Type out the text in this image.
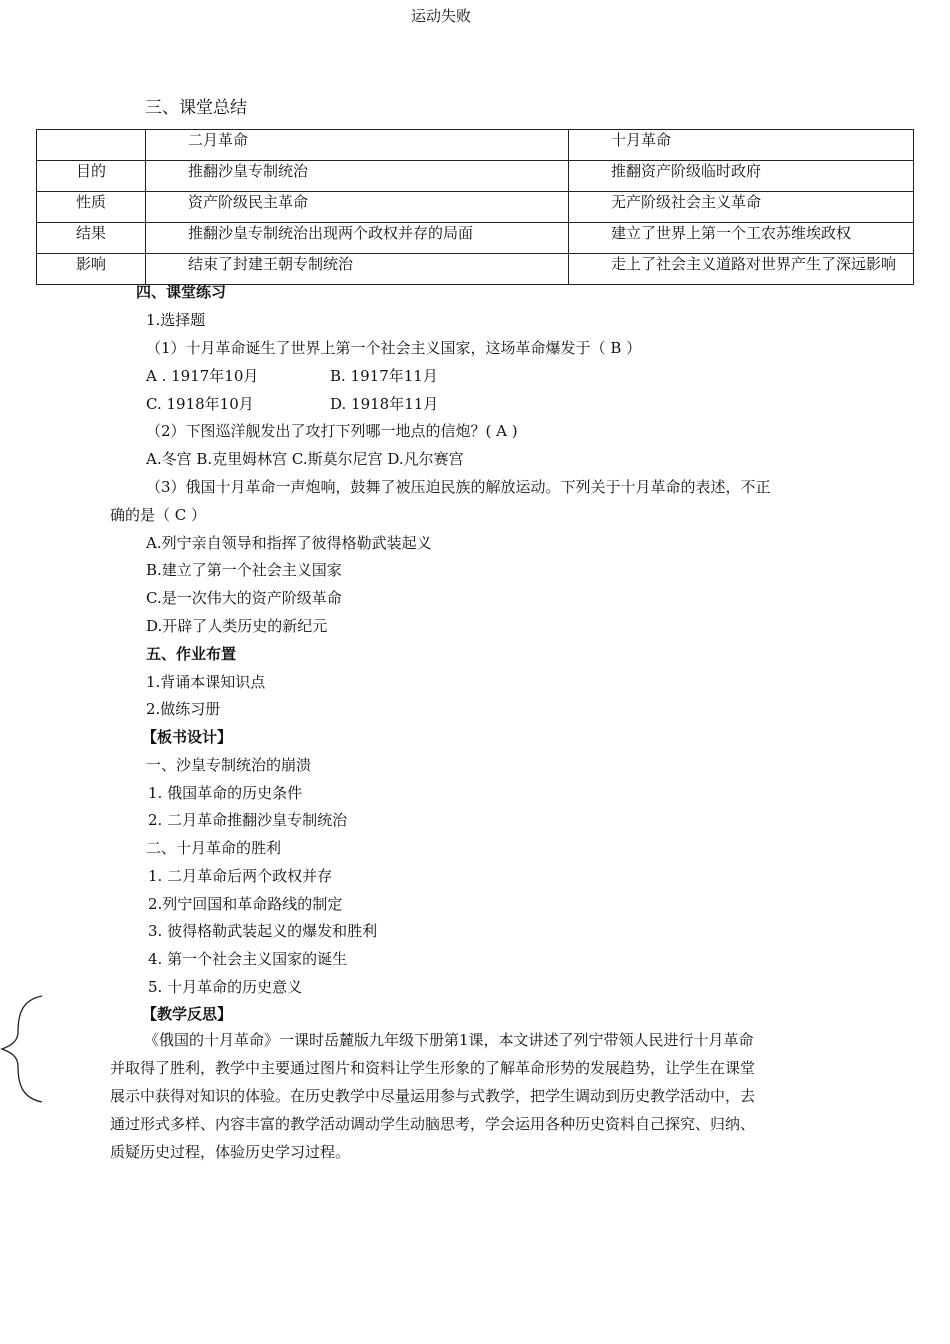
运动失败
三、课堂总结
	二月革命	十月革命
目的	推翻沙皇专制统治	推翻资产阶级临时政府
性质	资产阶级民主革命	无产阶级社会主义革命
结果	推翻沙皇专制统治出现两个政权并存的局面	建立了世界上第一个工农苏维埃政权
影响	结束了封建王朝专制统治	走上了社会主义道路对世界产生了深远影响
四、课堂练习
1.选择题
（1）十月革命诞生了世界上第一个社会主义国家，这场革命爆发于（ B ）
A . 1917年10月	B. 1917年11月
C. 1918年10月	D. 1918年11月
（2）下图巡洋舰发出了攻打下列哪一地点的信炮？( A )
A.冬宫 B.克里姆林宫 C.斯莫尔尼宫 D.凡尔赛宫
（3）俄国十月革命一声炮响，鼓舞了被压迫民族的解放运动。下列关于十月革命的表述，不正
确的是（ C ）
A.列宁亲自领导和指挥了彼得格勒武装起义
B.建立了第一个社会主义国家
C.是一次伟大的资产阶级革命
D.开辟了人类历史的新纪元
五、作业布置
1.背诵本课知识点
2.做练习册
【板书设计】
一、沙皇专制统治的崩溃
1. 俄国革命的历史条件
2. 二月革命推翻沙皇专制统治
二、十月革命的胜利
1. 二月革命后两个政权并存
2.列宁回国和革命路线的制定
3. 彼得格勒武装起义的爆发和胜利
4. 第一个社会主义国家的诞生
5. 十月革命的历史意义
【教学反思】

《俄国的十月革命》一课时岳麓版九年级下册第1课，本文讲述了列宁带领人民进行十月革命

并取得了胜利，教学中主要通过图片和资料让学生形象的了解革命形势的发展趋势，让学生在课堂

展示中获得对知识的体验。在历史教学中尽量运用参与式教学，把学生调动到历史教学活动中，去

通过形式多样、内容丰富的教学活动调动学生动脑思考，学会运用各种历史资料自己探究、归纳、

质疑历史过程，体验历史学习过程。
